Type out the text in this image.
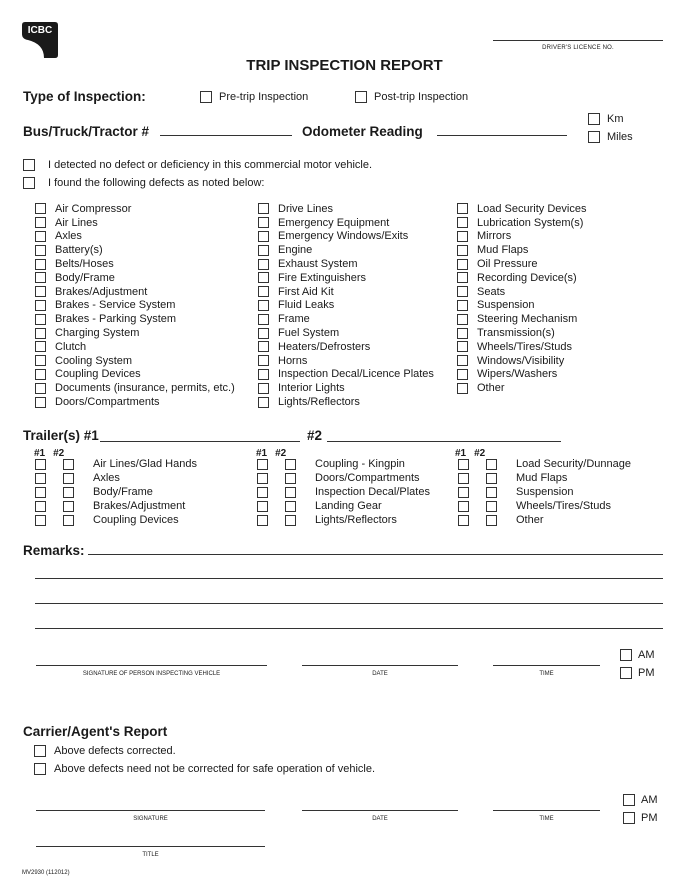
ICBC
DRIVER'S LICENCE NO.
TRIP INSPECTION REPORT
Type of Inspection:	Pre-trip Inspection	Post-trip Inspection
Bus/Truck/Tractor #	Odometer Reading
Km
Miles
I detected no defect or deficiency in this commercial motor vehicle.
I found the following defects as noted below:
Air Compressor
Air Lines
Axles
Battery(s)
Belts/Hoses
Body/Frame
Brakes/Adjustment
Brakes - Service System
Brakes - Parking System
Charging System
Clutch
Cooling System
Coupling Devices
Documents (insurance, permits, etc.)
Doors/Compartments
Drive Lines
Emergency Equipment
Emergency Windows/Exits
Engine
Exhaust System
Fire Extinguishers
First Aid Kit
Fluid Leaks
Frame
Fuel System
Heaters/Defrosters
Horns
Inspection Decal/Licence Plates
Interior Lights
Lights/Reflectors
Load Security Devices
Lubrication System(s)
Mirrors
Mud Flaps
Oil Pressure
Recording Device(s)
Seats
Suspension
Steering Mechanism
Transmission(s)
Wheels/Tires/Studs
Windows/Visibility
Wipers/Washers
Other
Trailer(s) #1	#2
#1 #2	#1 #2	#1 #2
Air Lines/Glad Hands
Axles
Body/Frame
Brakes/Adjustment
Coupling Devices
Coupling - Kingpin
Doors/Compartments
Inspection Decal/Plates
Landing Gear
Lights/Reflectors
Load Security/Dunnage
Mud Flaps
Suspension
Wheels/Tires/Studs
Other
Remarks:
SIGNATURE OF PERSON INSPECTING VEHICLE	DATE	TIME
AM
PM
Carrier/Agent's Report
Above defects corrected.
Above defects need not be corrected for safe operation of vehicle.
SIGNATURE	DATE	TIME
AM
PM
TITLE
MV2930 (112012)
